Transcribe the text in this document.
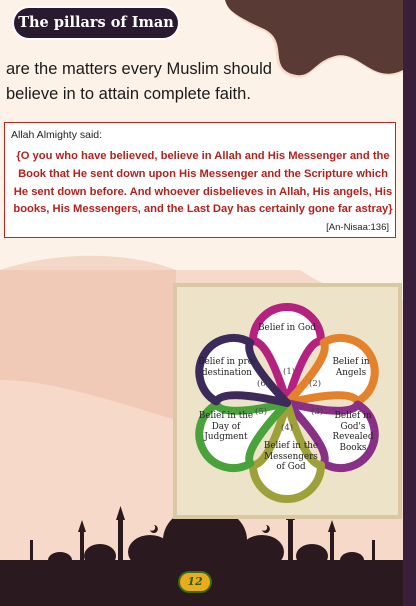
The pillars of Iman
are the matters every Muslim should
believe in to attain complete faith.
Allah Almighty said:
{O you who have believed, believe in Allah and His Messenger and the Book that He sent down upon His Messenger and the Scripture which He sent down before. And whoever disbelieves in Allah, His angels, His books, His Messengers, and the Last Day has certainly gone far astray}
[An-Nisaa:136]
Belief in God
(1)
Belief in Angels
(2)
Belief in God's Revealed Books
(3)
Belief in the Messengers of God
(4)
Belief in the Day of Judgment
(5)
Belief in pre-destination
(6)
12
